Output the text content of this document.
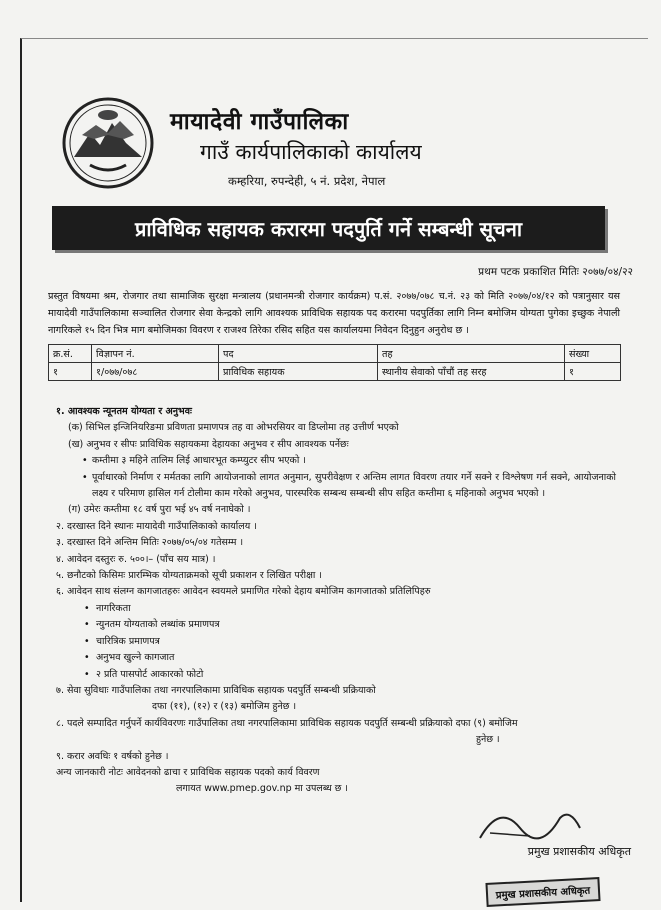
मायादेवी गाउँपालिका
गाउँ कार्यपालिकाको कार्यालय
कम्हरिया, रुपन्देही, ५ नं. प्रदेश, नेपाल
प्राविधिक सहायक करारमा पदपुर्ति गर्ने सम्बन्धी सूचना
प्रथम पटक प्रकाशित मितिः २०७७/०४/२२
प्रस्तुत विषयमा श्रम, रोजगार तथा सामाजिक सुरक्षा मन्त्रालय (प्रधानमन्त्री रोजगार कार्यक्रम) प.सं. २०७७/०७८ च.नं. २३ को मिति २०७७/०४/१२ को पत्रानुसार यस मायादेवी गाउँपालिकामा सञ्चालित रोजगार सेवा केन्द्रको लागि आवश्यक प्राविधिक सहायक पद करारमा पदपुर्तिका लागि निम्न बमोजिम योग्यता पुगेका इच्छुक नेपाली नागरिकले १५ दिन भित्र माग बमोजिमका विवरण र राजश्व तिरेका रसिद सहित यस कार्यालयमा निवेदन दिनुहुन अनुरोध छ ।
क्र.सं.	विज्ञापन नं.	पद	तह	संख्या
१	१/०७७/०७८	प्राविधिक सहायक	स्थानीय सेवाको पाँचौं तह सरह	१
१. आवश्यक न्यूनतम योग्यता र अनुभवः
(क) सिभिल इन्जिनियरिङमा प्रविणता प्रमाणपत्र तह वा ओभरसियर वा डिप्लोमा तह उत्तीर्ण भएको
(ख) अनुभव र सीपः प्राविधिक सहायकमा देहायका अनुभव र सीप आवश्यक पर्नेछः
• कम्तीमा ३ महिने तालिम लिई आधारभूत कम्प्युटर सीप भएको ।
• पूर्वाधारको निर्माण र मर्मतका लागि आयोजनाको लागत अनुमान, सुपरीवेक्षण र अन्तिम लागत विवरण तयार गर्ने सक्ने र विश्लेषण गर्न सक्ने, आयोजनाको लक्ष्य र परिमाण हासिल गर्न टोलीमा काम गरेको अनुभव, पारस्परिक सम्बन्ध सम्बन्धी सीप सहित कम्तीमा ६ महिनाको अनुभव भएको ।
(ग) उमेरः कम्तीमा १८ वर्ष पुरा भई ४५ वर्ष ननाघेको ।
२. दरखास्त दिने स्थानः मायादेवी गाउँपालिकाको कार्यालय ।
३. दरखास्त दिने अन्तिम मितिः २०७७/०५/०४ गतेसम्म ।
४. आवेदन दस्तुरः रु. ५००।– (पाँच सय मात्र) ।
५. छनौटको किसिमः प्रारम्भिक योग्यताक्रमको सूची प्रकाशन र लिखित परीक्षा ।
६. आवेदन साथ संलग्न कागजातहरुः आवेदन स्वयमले प्रमाणित गरेको देहाय बमोजिम कागजातको प्रतिलिपिहरु
• नागरिकता
• न्युनतम योग्यताको लब्धांक प्रमाणपत्र
• चारित्रिक प्रमाणपत्र
• अनुभव खुल्ने कागजात
• २ प्रति पासपोर्ट आकारको फोटो
७. सेवा सुविधाः गाउँपालिका तथा नगरपालिकामा प्राविधिक सहायक पदपुर्ति सम्बन्धी प्रक्रियाको
दफा (११), (१२) र (१३) बमोजिम हुनेछ ।
८. पदले सम्पादित गर्नुपर्ने कार्यविवरणः गाउँपालिका तथा नगरपालिकामा प्राविधिक सहायक पदपुर्ति सम्बन्धी प्रक्रियाको दफा (९) बमोजिम
हुनेछ ।
९. करार अवधिः १ वर्षको हुनेछ ।
अन्य जानकारी नोटः आवेदनको ढाचा र प्राविधिक सहायक पदको कार्य विवरण
लगायत www.pmep.gov.np मा उपलब्ध छ ।
प्रमुख प्रशासकीय अधिकृत
प्रमुख प्रशासकीय अधिकृत
